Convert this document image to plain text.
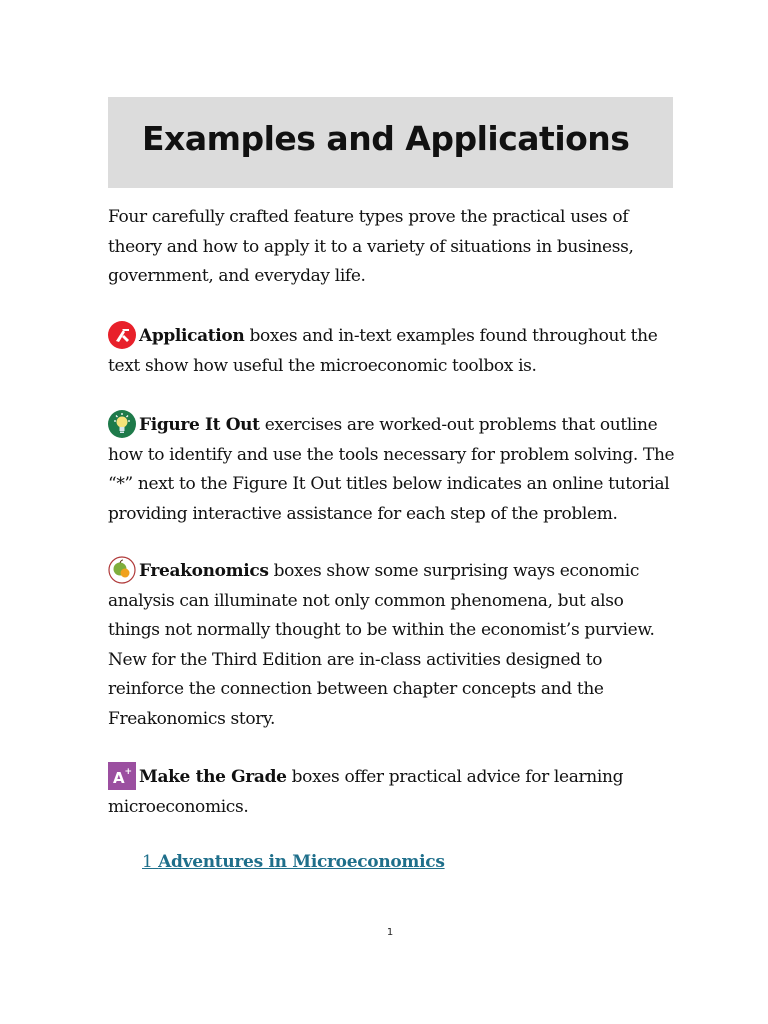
Examples and Applications

Four carefully crafted feature types prove the practical uses of theory and how to apply it to a variety of situations in business, government, and everyday life.

Application boxes and in-text examples found throughout the text show how useful the microeconomic toolbox is.

Figure It Out exercises are worked-out problems that outline how to identify and use the tools necessary for problem solving. The “*” next to the Figure It Out titles below indicates an online tutorial providing interactive assistance for each step of the problem.

Freakonomics boxes show some surprising ways economic analysis can illuminate not only common phenomena, but also things not normally thought to be within the economist’s purview. New for the Third Edition are in-class activities designed to reinforce the connection between chapter concepts and the Freakonomics story.

A + Make the Grade boxes offer practical advice for learning microeconomics.

1 Adventures in Microeconomics
1
